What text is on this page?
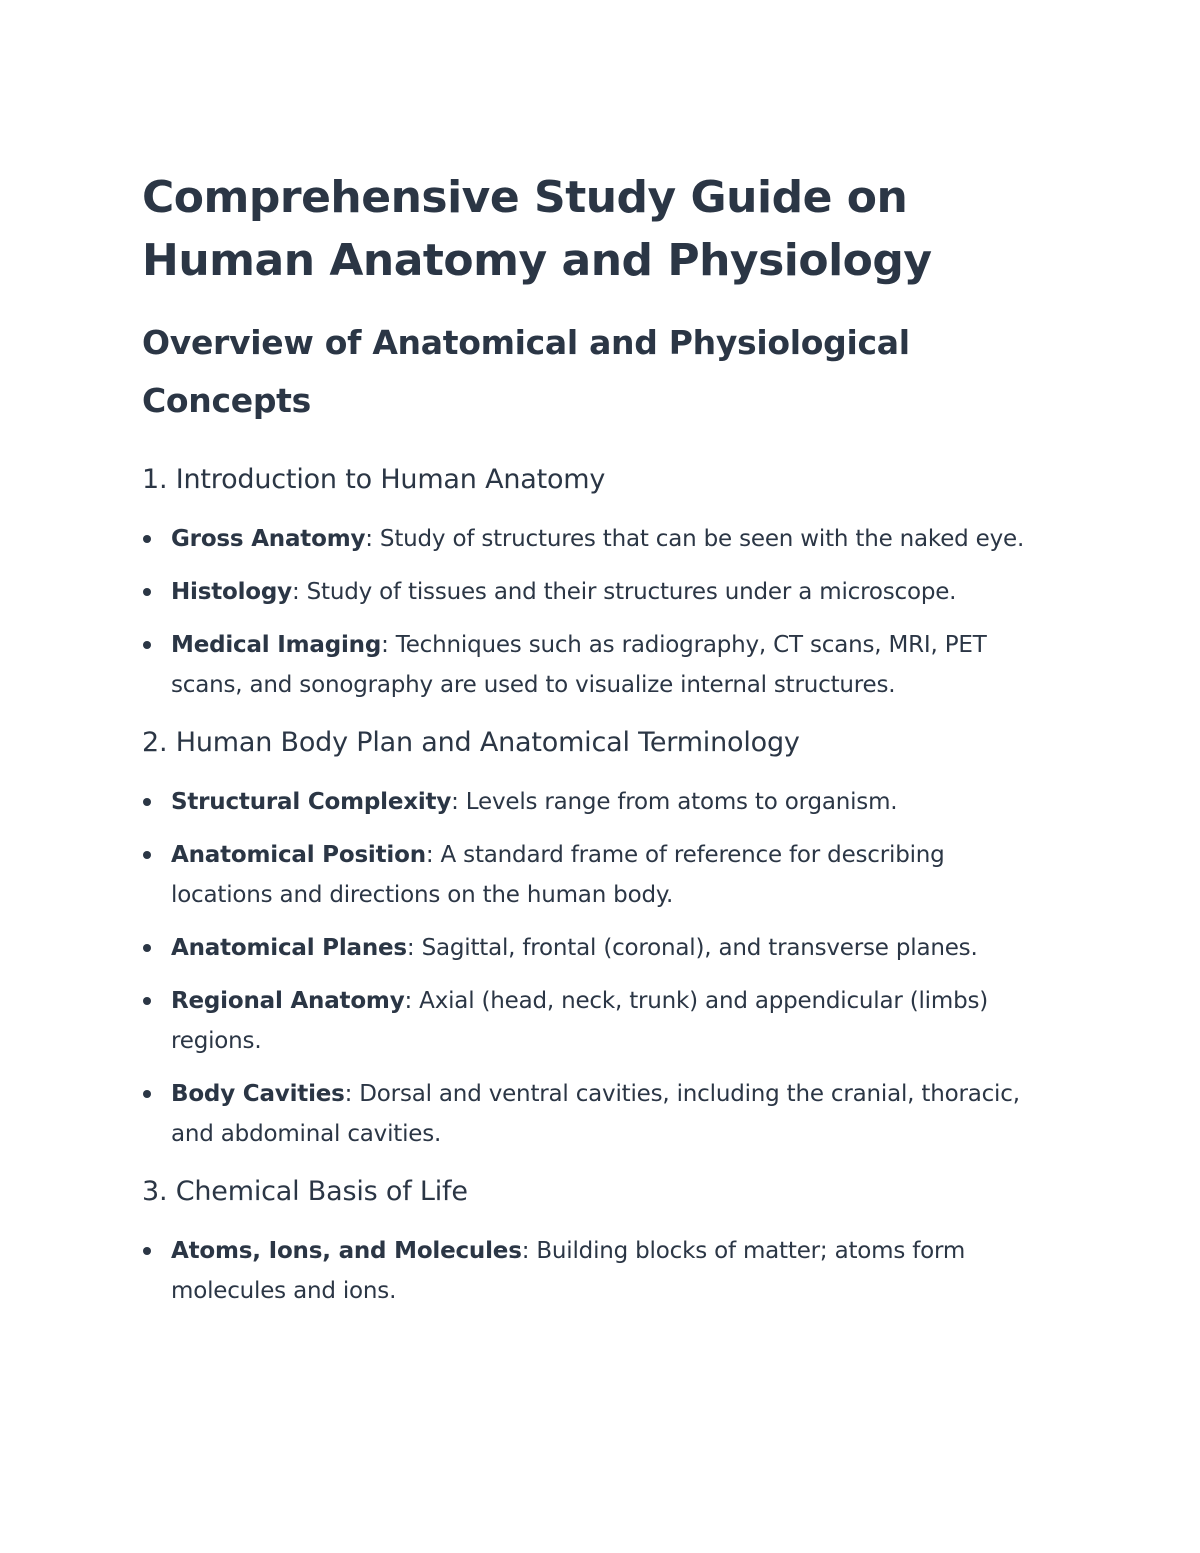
Comprehensive Study Guide on Human Anatomy and Physiology
Overview of Anatomical and Physiological Concepts
1. Introduction to Human Anatomy
Gross Anatomy: Study of structures that can be seen with the naked eye.
Histology: Study of tissues and their structures under a microscope.
Medical Imaging: Techniques such as radiography, CT scans, MRI, PET scans, and sonography are used to visualize internal structures.
2. Human Body Plan and Anatomical Terminology
Structural Complexity: Levels range from atoms to organism.
Anatomical Position: A standard frame of reference for describing locations and directions on the human body.
Anatomical Planes: Sagittal, frontal (coronal), and transverse planes.
Regional Anatomy: Axial (head, neck, trunk) and appendicular (limbs) regions.
Body Cavities: Dorsal and ventral cavities, including the cranial, thoracic, and abdominal cavities.
3. Chemical Basis of Life
Atoms, Ions, and Molecules: Building blocks of matter; atoms form molecules and ions.
